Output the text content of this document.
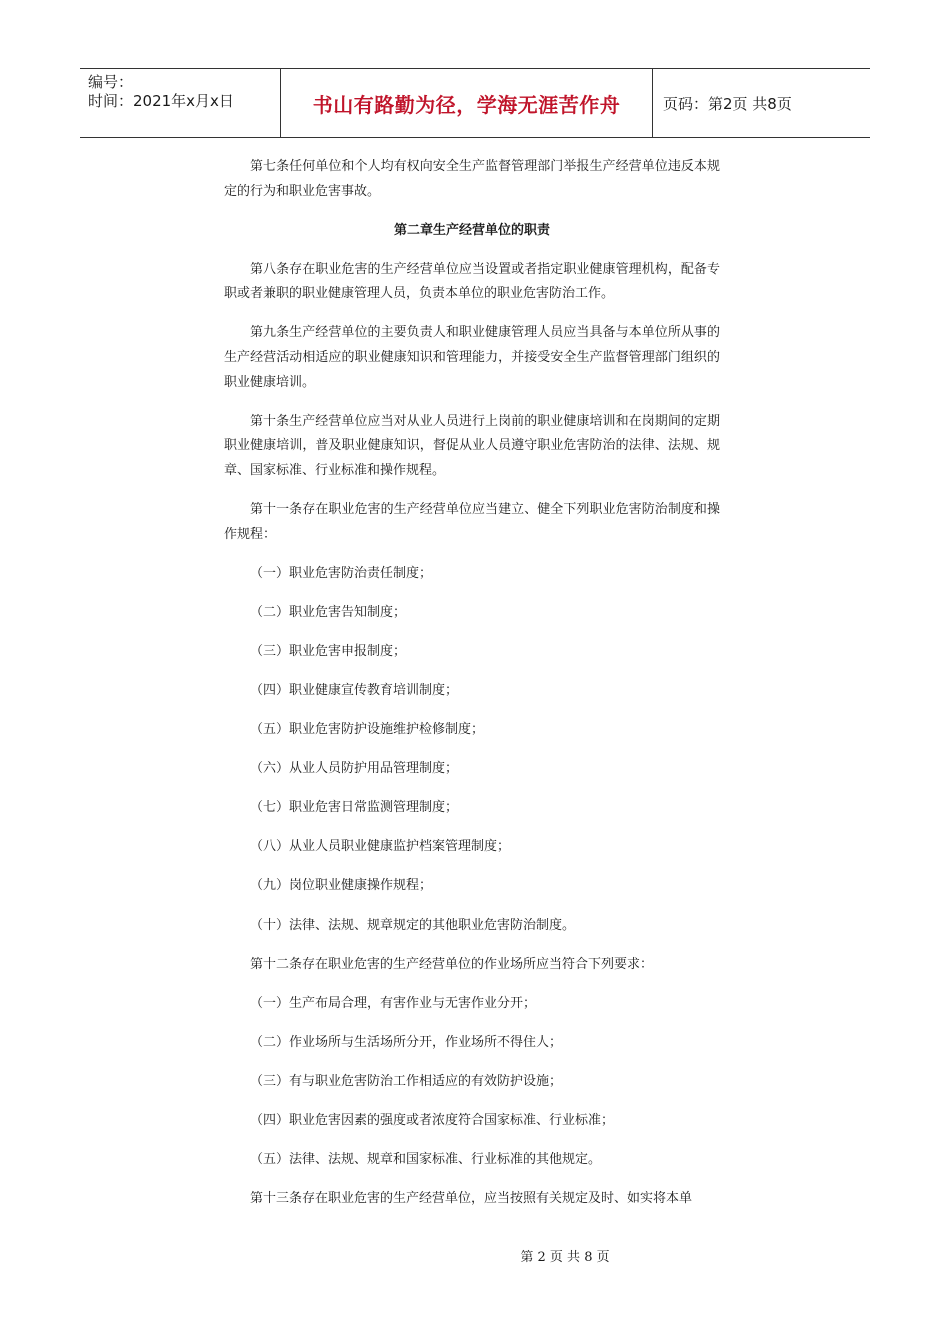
编号：
时间：2021年x月x日	书山有路勤为径，学海无涯苦作舟	页码：第2页 共8页

第七条任何单位和个人均有权向安全生产监督管理部门举报生产经营单位违反本规定的行为和职业危害事故。

第二章生产经营单位的职责

第八条存在职业危害的生产经营单位应当设置或者指定职业健康管理机构，配备专职或者兼职的职业健康管理人员，负责本单位的职业危害防治工作。

第九条生产经营单位的主要负责人和职业健康管理人员应当具备与本单位所从事的生产经营活动相适应的职业健康知识和管理能力，并接受安全生产监督管理部门组织的职业健康培训。

第十条生产经营单位应当对从业人员进行上岗前的职业健康培训和在岗期间的定期职业健康培训，普及职业健康知识，督促从业人员遵守职业危害防治的法律、法规、规章、国家标准、行业标准和操作规程。

第十一条存在职业危害的生产经营单位应当建立、健全下列职业危害防治制度和操作规程：

（一）职业危害防治责任制度；

（二）职业危害告知制度；

（三）职业危害申报制度；

（四）职业健康宣传教育培训制度；

（五）职业危害防护设施维护检修制度；

（六）从业人员防护用品管理制度；

（七）职业危害日常监测管理制度；

（八）从业人员职业健康监护档案管理制度；

（九）岗位职业健康操作规程；

（十）法律、法规、规章规定的其他职业危害防治制度。

第十二条存在职业危害的生产经营单位的作业场所应当符合下列要求：

（一）生产布局合理，有害作业与无害作业分开；

（二）作业场所与生活场所分开，作业场所不得住人；

（三）有与职业危害防治工作相适应的有效防护设施；

（四）职业危害因素的强度或者浓度符合国家标准、行业标准；

（五）法律、法规、规章和国家标准、行业标准的其他规定。

第十三条存在职业危害的生产经营单位，应当按照有关规定及时、如实将本单

第 2 页 共 8 页
